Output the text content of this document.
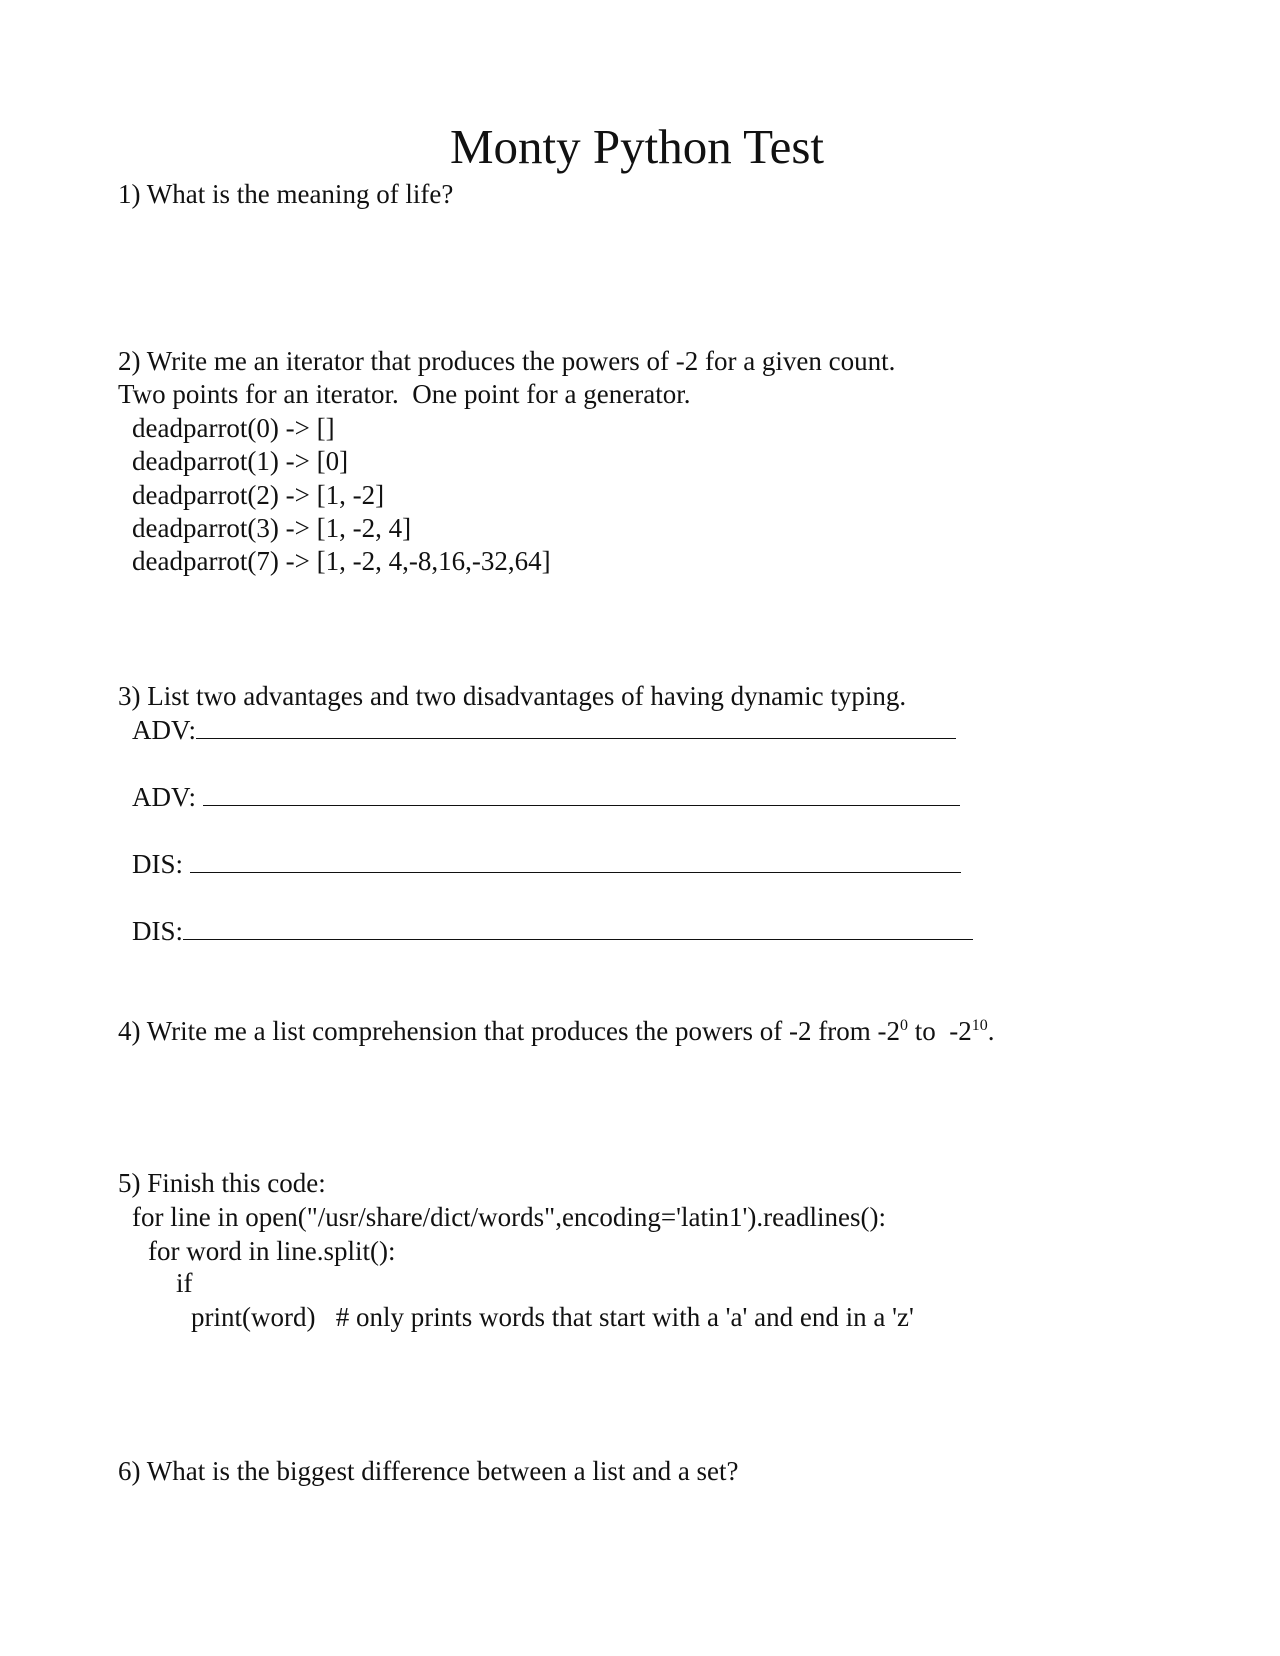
Monty Python Test
1) What is the meaning of life?
2) Write me an iterator that produces the powers of -2 for a given count.
Two points for an iterator.  One point for a generator.
deadparrot(0) -> []
deadparrot(1) -> [0]
deadparrot(2) -> [1, -2]
deadparrot(3) -> [1, -2, 4]
deadparrot(7) -> [1, -2, 4,-8,16,-32,64]
3) List two advantages and two disadvantages of having dynamic typing.
ADV:
ADV:
DIS:
DIS:
4) Write me a list comprehension that produces the powers of -2 from $-2^0$ to  $-2^{10}$.
5) Finish this code:
for line in open("/usr/share/dict/words",encoding='latin1').readlines():
for word in line.split():
if
print(word)   # only prints words that start with a 'a' and end in a 'z'
6) What is the biggest difference between a list and a set?
